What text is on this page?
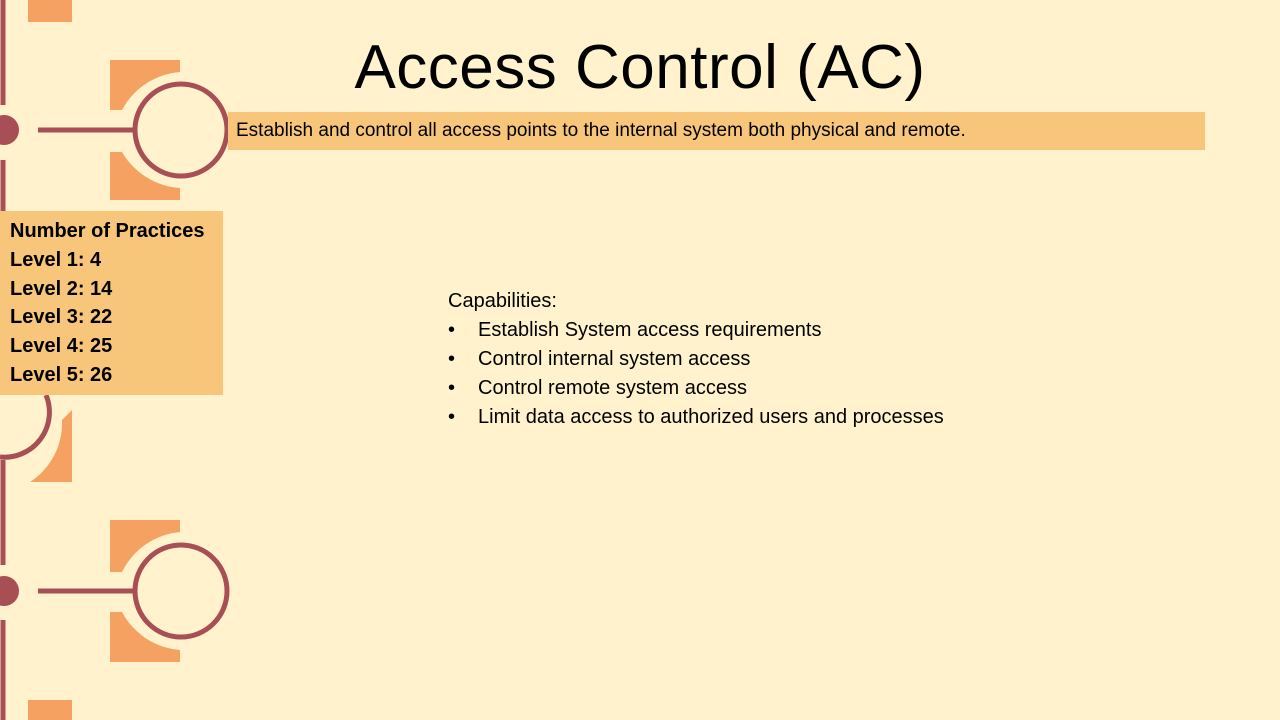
Access Control (AC)
Establish and control all access points to the internal system both physical and remote.
Number of Practices
Level 1: 4
Level 2: 14
Level 3: 22
Level 4: 25
Level 5: 26
Capabilities:
• Establish System access requirements
• Control internal system access
• Control remote system access
• Limit data access to authorized users and processes
